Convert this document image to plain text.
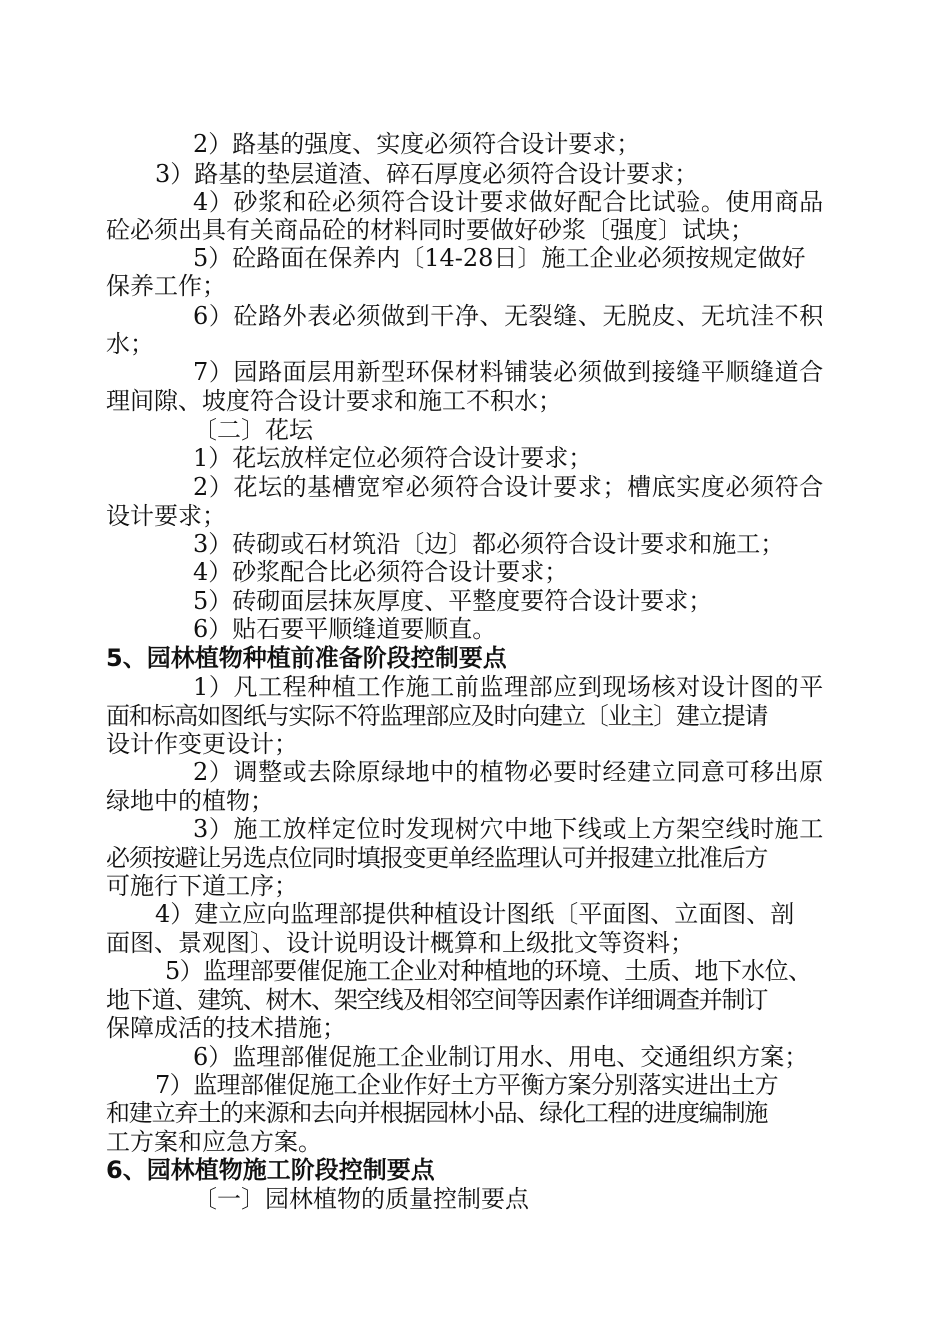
2）路基的强度、实度必须符合设计要求；
3）路基的垫层道渣、碎石厚度必须符合设计要求；
4）砂浆和砼必须符合设计要求做好配合比试验。使用商品
砼必须出具有关商品砼的材料同时要做好砂浆〔强度〕试块；
5）砼路面在保养内〔14-28日〕施工企业必须按规定做好
保养工作；
6）砼路外表必须做到干净、无裂缝、无脱皮、无坑洼不积
水；
7）园路面层用新型环保材料铺装必须做到接缝平顺缝道合
理间隙、坡度符合设计要求和施工不积水；
〔二〕花坛
1）花坛放样定位必须符合设计要求；
2）花坛的基槽宽窄必须符合设计要求；槽底实度必须符合
设计要求；
3）砖砌或石材筑沿〔边〕都必须符合设计要求和施工；
4）砂浆配合比必须符合设计要求；
5）砖砌面层抹灰厚度、平整度要符合设计要求；
6）贴石要平顺缝道要顺直。
5、园林植物种植前准备阶段控制要点
1）凡工程种植工作施工前监理部应到现场核对设计图的平
面和标高如图纸与实际不符监理部应及时向建立〔业主〕建立提请
设计作变更设计；
2）调整或去除原绿地中的植物必要时经建立同意可移出原
绿地中的植物；
3）施工放样定位时发现树穴中地下线或上方架空线时施工
必须按避让另选点位同时填报变更单经监理认可并报建立批准后方
可施行下道工序；
4）建立应向监理部提供种植设计图纸〔平面图、立面图、剖
面图、景观图〕、设计说明设计概算和上级批文等资料；
5）监理部要催促施工企业对种植地的环境、土质、地下水位、
地下道、建筑、树木、架空线及相邻空间等因素作详细调查并制订
保障成活的技术措施；
6）监理部催促施工企业制订用水、用电、交通组织方案；
7）监理部催促施工企业作好土方平衡方案分别落实进出土方
和建立弃土的来源和去向并根据园林小品、绿化工程的进度编制施
工方案和应急方案。
6、园林植物施工阶段控制要点
〔一〕园林植物的质量控制要点
